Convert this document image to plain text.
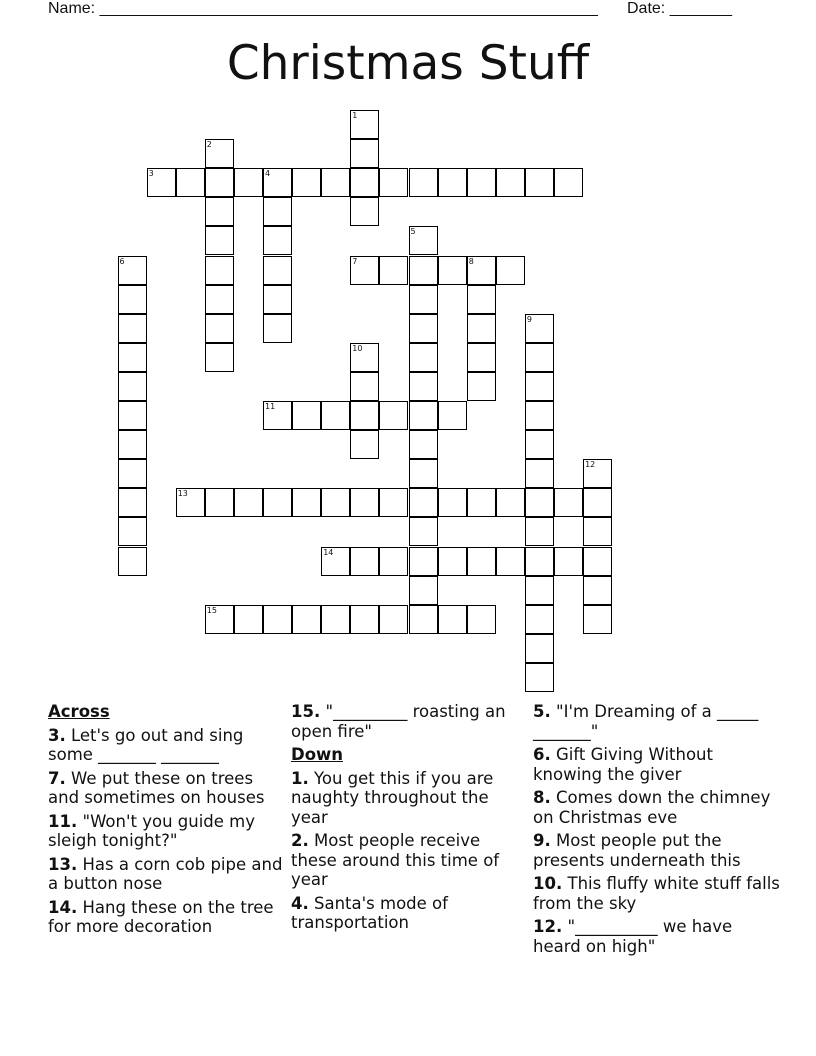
Name: ________________________________________________________ Date: _______
Christmas Stuff
1
2
3	4
5
6	7	8
9
10
11
12
13
14
15
Across
3. Let's go out and sing some _______ _______
7. We put these on trees and sometimes on houses
11. "Won't you guide my sleigh tonight?"
13. Has a corn cob pipe and a button nose
14. Hang these on the tree for more decoration
15. "_________ roasting an open fire"
Down
1. You get this if you are naughty throughout the year
2. Most people receive these around this time of year
4. Santa's mode of transportation
5. "I'm Dreaming of a _____ _______"
6. Gift Giving Without knowing the giver
8. Comes down the chimney on Christmas eve
9. Most people put the presents underneath this
10. This fluffy white stuff falls from the sky
12. "__________ we have heard on high"
